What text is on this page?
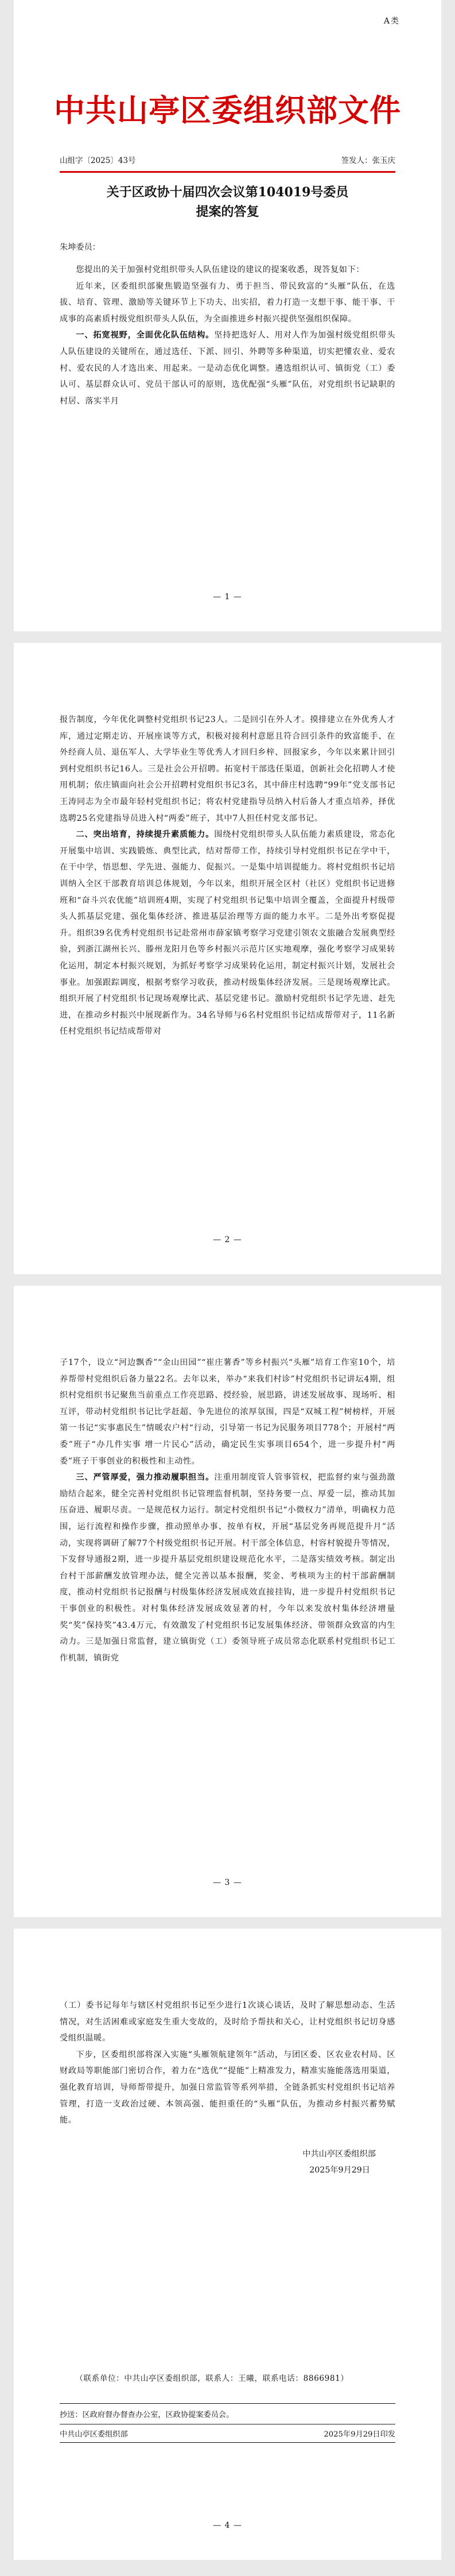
A类
中共山亭区委组织部文件
山组字〔2025〕43号	签发人：张玉庆
关于区政协十届四次会议第104019号委员
提案的答复
朱坤委员：

您提出的关于加强村党组织带头人队伍建设的建议的提案收悉，现答复如下：

近年来，区委组织部聚焦锻造坚强有力、勇于担当、带民致富的“头雁”队伍，在选拔、培育、管理、激励等关键环节上下功夫、出实招，着力打造一支想干事、能干事、干成事的高素质村级党组织带头人队伍，为全面推进乡村振兴提供坚强组织保障。

一、拓宽视野，全面优化队伍结构。坚持把选好人、用对人作为加强村级党组织带头人队伍建设的关键所在，通过选任、下派、回引、外聘等多种渠道，切实把懂农业、爱农村、爱农民的人才选出来、用起来。一是动态优化调整。遴选组织认可、镇街党（工）委认可、基层群众认可、党员干部认可的原则，选优配强“头雁”队伍，对党组织书记缺职的村居、落实半月

— 1 —

报告制度，今年优化调整村党组织书记23人。二是回引在外人才。摸排建立在外优秀人才库，通过定期走访、开展座谈等方式，积极对接利村意愿且符合回引条件的致富能手、在外经商人员、退伍军人、大学毕业生等优秀人才回归乡梓、回报家乡，今年以来累计回引到村党组织书记16人。三是社会公开招聘。拓宽村干部选任渠道，创新社会化招聘人才使用机制；依庄镇面向社会公开招聘村党组织书记3名，其中薛庄村选聘“99年”党支部书记王涛同志为全市最年轻村党组织书记；将农村党建指导员纳入村后备人才重点培养，择优选聘25名党建指导员进入村“两委”班子，其中7人担任村党支部书记。

二、突出培育，持续提升素质能力。围绕村党组织带头人队伍能力素质建设，常态化开展集中培训、实践锻炼、典型比武，结对帮带工作，持续引导村党组织书记在学中干，在干中学，悟思想、学先进、强能力、促振兴。一是集中培训提能力。将村党组织书记培训纳入全区干部教育培训总体规划，今年以来，组织开展全区村（社区）党组织书记进修班和“奋斗兴农优能”培训班4期，实现了村党组织书记集中培训全覆盖，全面提升村级带头人抓基层党建、强化集体经济、推进基层治理等方面的能力水平。二是外出考察促提升。组织39名优秀村党组织书记赴常州市薛家镇考察学习党建引领农文旅融合发展典型经验，到浙江湖州长兴、滕州龙阳月色等乡村振兴示范片区实地观摩，强化考察学习成果转化运用，制定本村振兴规划，为抓好考察学习成果转化运用，制定村振兴计划，发展社会事业。加强跟踪调度，根据考察学习收获，推动村级集体经济发展。三是现场观摩比武。组织开展了村党组织书记现场观摩比武、基层党建书记。激励村党组织书记学先进、赶先进，在推动乡村振兴中展现新作为。34名导师与6名村党组织书记结成帮带对子，11名新任村党组织书记结成帮带对

— 2 —

子17个，设立“河边飘香”“金山田园”“崔庄薯香”等乡村振兴“头雁”培育工作室10个，培养帮带村党组织后备力量22名。去年以来，举办“来我们村诊”村党组织书记讲坛4期，组织村党组织书记聚焦当前重点工作亮思路、授经验，展思路，讲述发展故事、现场听、相互评，带动村党组织书记比学赶超、争先进位的浓厚氛围，四是“双城工程”树榜样，开展第一书记“实事惠民生”情暖农户村“行动，引导第一书记为民服务项目778个；开展村“两委”班子“办几件实事 增一片民心”活动，确定民生实事项目654个，进一步提升村“两委”班子干事创业的积极性和主动性。

三、严管厚爱，强力推动履职担当。注重用制度管人管事管权，把监督约束与强劲激励结合起来，健全完善村党组织书记管理监督机制，坚持务要一点、厚爱一层，推动其加压奋进、履职尽责。一是规范权力运行。制定村党组织书记“小微权力”清单，明确权力范围，运行流程和操作步骤，推动照单办事、按单有权，开展“基层党务再规范提升月”活动，实现将调研了解77个村级党组织书记开展。村干部全体信息，村容村貌提升等情况，下发督导通报2期，进一步提升基层党组织建设规范化水平，二是落实绩效考核。制定出台村干部薪酬发放管理办法，健全完善以基本报酬，奖金、考核项为主的村干部薪酬制度，推动村党组织书记报酬与村级集体经济发展成效直接挂钩，进一步提升村党组织书记干事创业的积极性。对村集体经济发展成效显著的村，今年以来发放村集体经济增量奖“奖”保持奖”43.4万元，有效激发了村党组织书记发展集体经济、带领群众致富的内生动力。三是加强日常监督，建立镇街党（工）委领导班子成员常态化联系村党组织书记工作机制，镇街党

— 3 —

（工）委书记每年与辖区村党组织书记至少进行1次谈心谈话，及时了解思想动态、生活情况，对生活困难或家庭发生重大变故的，及时给予帮扶和关心，让村党组织书记切身感受组织温暖。

下步，区委组织部将深入实施“头雁领航建领年”活动，与团区委、区农业农村局、区财政局等职能部门密切合作，着力在“选优”“提能”上精准发力，精准实施能落选用渠道，强化教育培训，导师帮带提升，加强日常监管等系列举措，全链条抓实村党组织书记培养管理，打造一支政治过硬、本领高强、能担重任的“头雁”队伍，为推动乡村振兴蓄势赋能。

中共山亭区委组织部
2025年9月29日

（联系单位：中共山亭区委组织部，联系人：王曦，联系电话：8866981）

抄送：区政府督办督查办公室，区政协提案委员会。
中共山亭区委组织部	2025年9月29日印发
— 4 —
